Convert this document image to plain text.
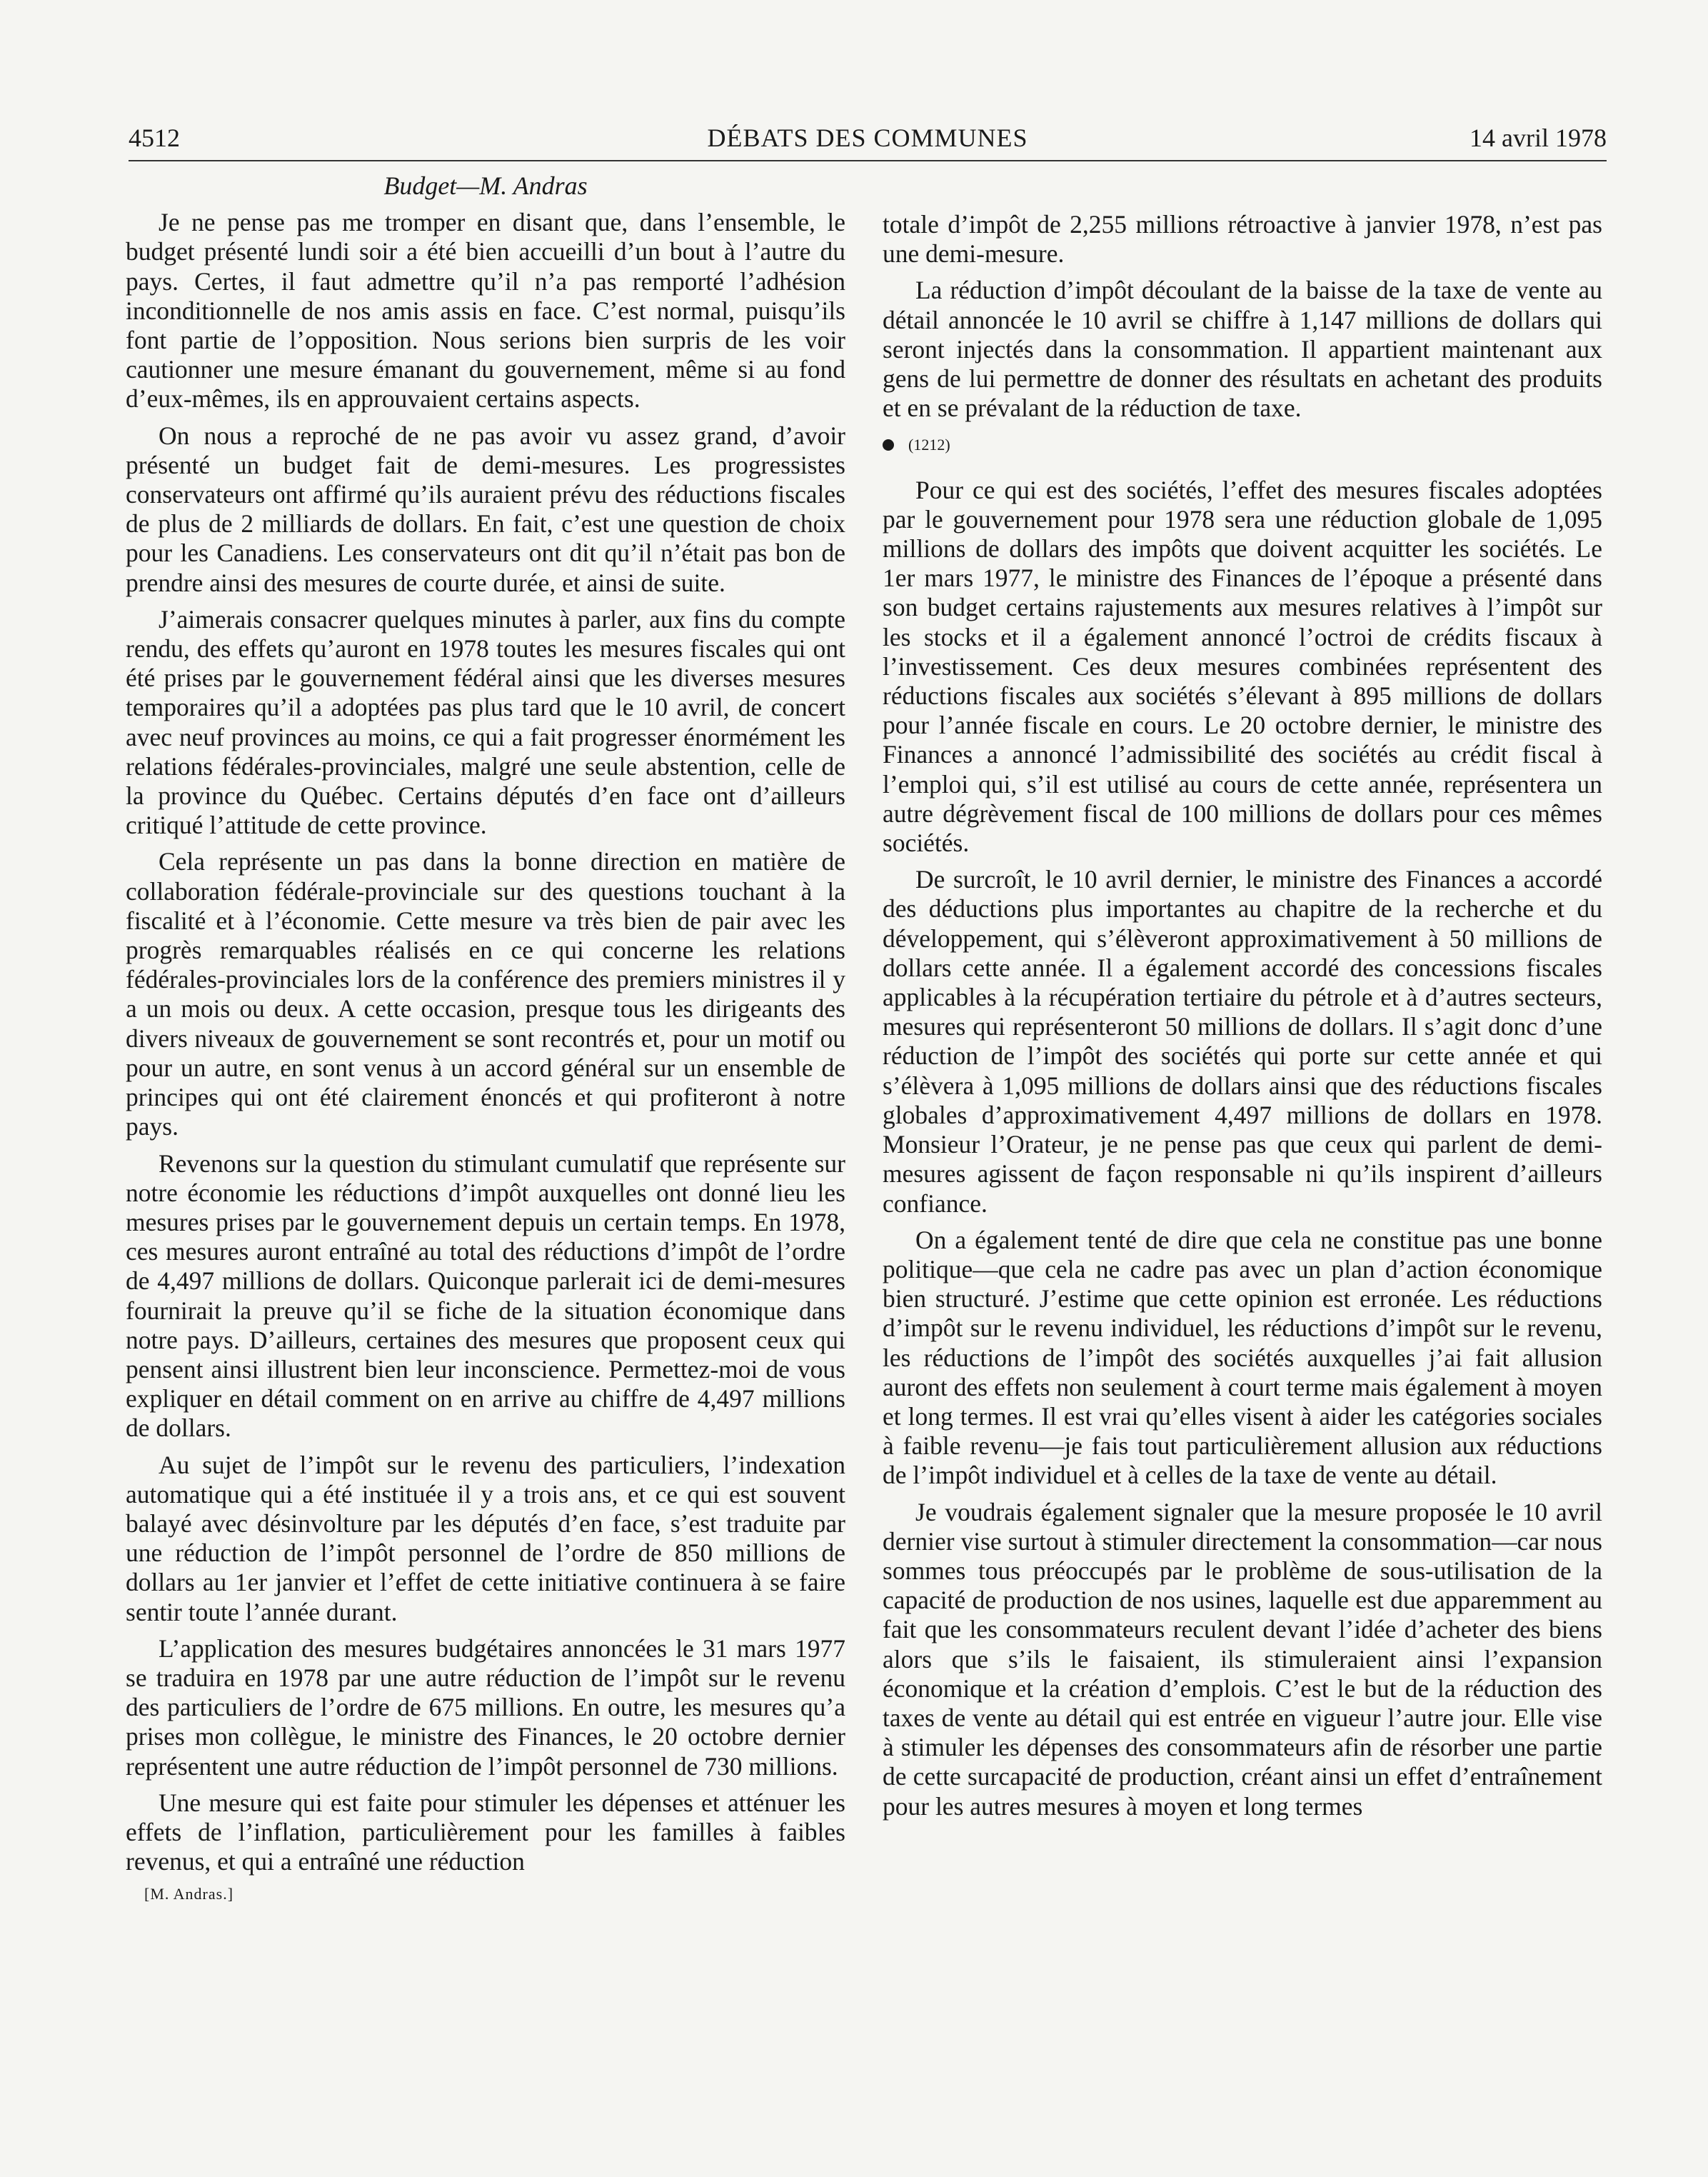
4512	DÉBATS DES COMMUNES	14 avril 1978
Budget—M. Andras

Je ne pense pas me tromper en disant que, dans l’ensemble, le budget présenté lundi soir a été bien accueilli d’un bout à l’autre du pays. Certes, il faut admettre qu’il n’a pas remporté l’adhésion inconditionnelle de nos amis assis en face. C’est normal, puisqu’ils font partie de l’opposition. Nous serions bien surpris de les voir cautionner une mesure émanant du gouvernement, même si au fond d’eux-mêmes, ils en approuvaient certains aspects.

On nous a reproché de ne pas avoir vu assez grand, d’avoir présenté un budget fait de demi-mesures. Les progressistes conservateurs ont affirmé qu’ils auraient prévu des réductions fiscales de plus de 2 milliards de dollars. En fait, c’est une question de choix pour les Canadiens. Les conservateurs ont dit qu’il n’était pas bon de prendre ainsi des mesures de courte durée, et ainsi de suite.

J’aimerais consacrer quelques minutes à parler, aux fins du compte rendu, des effets qu’auront en 1978 toutes les mesures fiscales qui ont été prises par le gouvernement fédéral ainsi que les diverses mesures temporaires qu’il a adoptées pas plus tard que le 10 avril, de concert avec neuf provinces au moins, ce qui a fait progresser énormément les relations fédérales-provinciales, malgré une seule abstention, celle de la province du Québec. Certains députés d’en face ont d’ailleurs critiqué l’attitude de cette province.

Cela représente un pas dans la bonne direction en matière de collaboration fédérale-provinciale sur des questions touchant à la fiscalité et à l’économie. Cette mesure va très bien de pair avec les progrès remarquables réalisés en ce qui concerne les relations fédérales-provinciales lors de la conférence des premiers ministres il y a un mois ou deux. A cette occasion, presque tous les dirigeants des divers niveaux de gouvernement se sont recontrés et, pour un motif ou pour un autre, en sont venus à un accord général sur un ensemble de principes qui ont été clairement énoncés et qui profiteront à notre pays.

Revenons sur la question du stimulant cumulatif que représente sur notre économie les réductions d’impôt auxquelles ont donné lieu les mesures prises par le gouvernement depuis un certain temps. En 1978, ces mesures auront entraîné au total des réductions d’impôt de l’ordre de 4,497 millions de dollars. Quiconque parlerait ici de demi-mesures fournirait la preuve qu’il se fiche de la situation économique dans notre pays. D’ailleurs, certaines des mesures que proposent ceux qui pensent ainsi illustrent bien leur inconscience. Permettez-moi de vous expliquer en détail comment on en arrive au chiffre de 4,497 millions de dollars.

Au sujet de l’impôt sur le revenu des particuliers, l’indexation automatique qui a été instituée il y a trois ans, et ce qui est souvent balayé avec désinvolture par les députés d’en face, s’est traduite par une réduction de l’impôt personnel de l’ordre de 850 millions de dollars au 1er janvier et l’effet de cette initiative continuera à se faire sentir toute l’année durant.

L’application des mesures budgétaires annoncées le 31 mars 1977 se traduira en 1978 par une autre réduction de l’impôt sur le revenu des particuliers de l’ordre de 675 millions. En outre, les mesures qu’a prises mon collègue, le ministre des Finances, le 20 octobre dernier représentent une autre réduction de l’impôt personnel de 730 millions.

Une mesure qui est faite pour stimuler les dépenses et atténuer les effets de l’inflation, particulièrement pour les familles à faibles revenus, et qui a entraîné une réduction

[M. Andras.]

totale d’impôt de 2,255 millions rétroactive à janvier 1978, n’est pas une demi-mesure.

La réduction d’impôt découlant de la baisse de la taxe de vente au détail annoncée le 10 avril se chiffre à 1,147 millions de dollars qui seront injectés dans la consommation. Il appartient maintenant aux gens de lui permettre de donner des résultats en achetant des produits et en se prévalant de la réduction de taxe.

(1212)

Pour ce qui est des sociétés, l’effet des mesures fiscales adoptées par le gouvernement pour 1978 sera une réduction globale de 1,095 millions de dollars des impôts que doivent acquitter les sociétés. Le 1er mars 1977, le ministre des Finances de l’époque a présenté dans son budget certains rajustements aux mesures relatives à l’impôt sur les stocks et il a également annoncé l’octroi de crédits fiscaux à l’investissement. Ces deux mesures combinées représentent des réductions fiscales aux sociétés s’élevant à 895 millions de dollars pour l’année fiscale en cours. Le 20 octobre dernier, le ministre des Finances a annoncé l’admissibilité des sociétés au crédit fiscal à l’emploi qui, s’il est utilisé au cours de cette année, représentera un autre dégrèvement fiscal de 100 millions de dollars pour ces mêmes sociétés.

De surcroît, le 10 avril dernier, le ministre des Finances a accordé des déductions plus importantes au chapitre de la recherche et du développement, qui s’élèveront approximativement à 50 millions de dollars cette année. Il a également accordé des concessions fiscales applicables à la récupération tertiaire du pétrole et à d’autres secteurs, mesures qui représenteront 50 millions de dollars. Il s’agit donc d’une réduction de l’impôt des sociétés qui porte sur cette année et qui s’élèvera à 1,095 millions de dollars ainsi que des réductions fiscales globales d’approximativement 4,497 millions de dollars en 1978. Monsieur l’Orateur, je ne pense pas que ceux qui parlent de demi-mesures agissent de façon responsable ni qu’ils inspirent d’ailleurs confiance.

On a également tenté de dire que cela ne constitue pas une bonne politique—que cela ne cadre pas avec un plan d’action économique bien structuré. J’estime que cette opinion est erronée. Les réductions d’impôt sur le revenu individuel, les réductions d’impôt sur le revenu, les réductions de l’impôt des sociétés auxquelles j’ai fait allusion auront des effets non seulement à court terme mais également à moyen et long termes. Il est vrai qu’elles visent à aider les catégories sociales à faible revenu—je fais tout particulièrement allusion aux réductions de l’impôt individuel et à celles de la taxe de vente au détail.

Je voudrais également signaler que la mesure proposée le 10 avril dernier vise surtout à stimuler directement la consommation—car nous sommes tous préoccupés par le problème de sous-utilisation de la capacité de production de nos usines, laquelle est due apparemment au fait que les consommateurs reculent devant l’idée d’acheter des biens alors que s’ils le faisaient, ils stimuleraient ainsi l’expansion économique et la création d’emplois. C’est le but de la réduction des taxes de vente au détail qui est entrée en vigueur l’autre jour. Elle vise à stimuler les dépenses des consommateurs afin de résorber une partie de cette surcapacité de production, créant ainsi un effet d’entraînement pour les autres mesures à moyen et long termes
